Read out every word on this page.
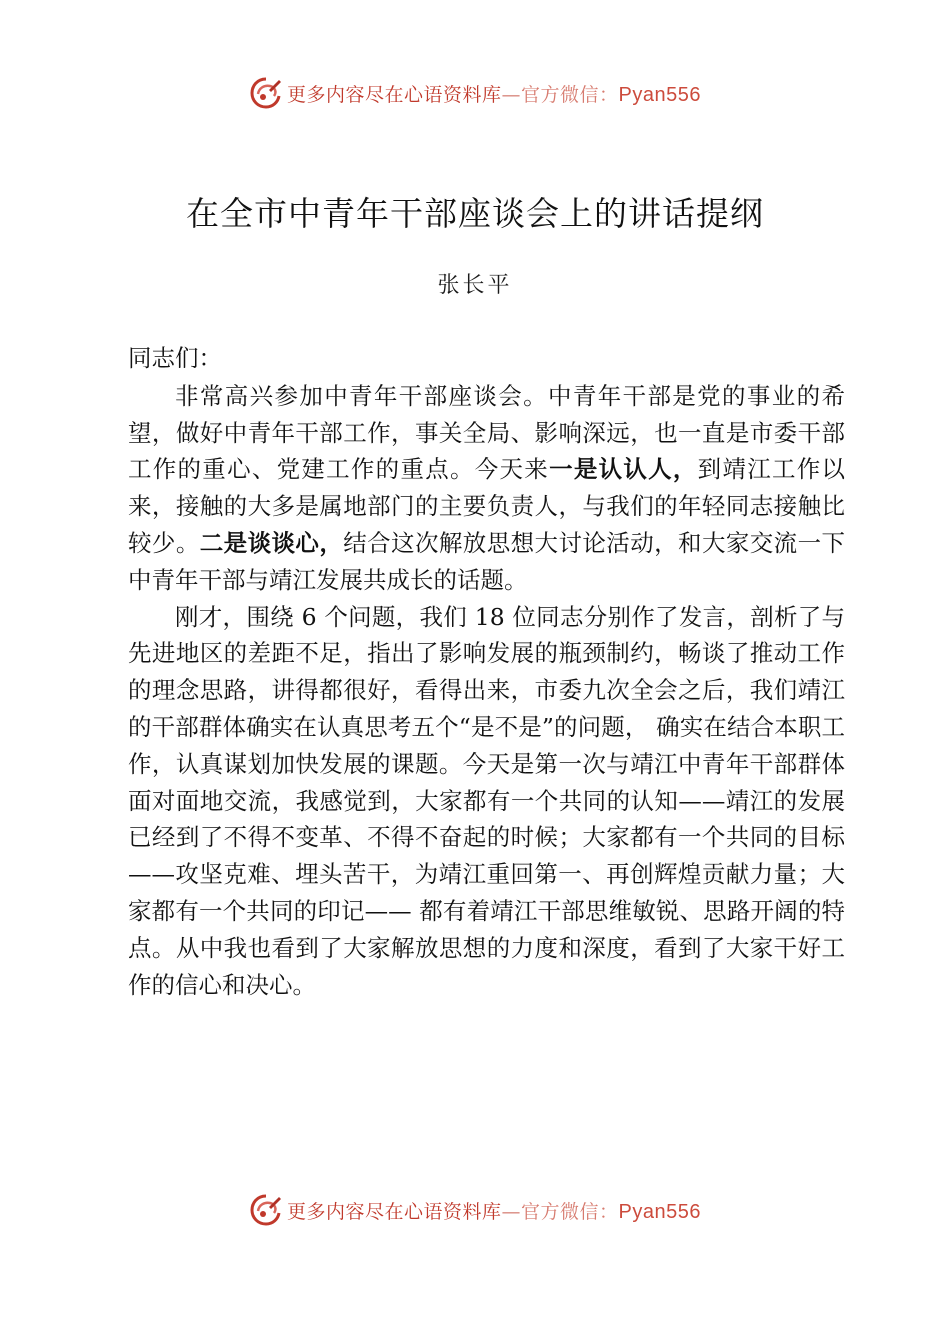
更多内容尽在心语资料库—官方微信：Pyan556
在全市中青年干部座谈会上的讲话提纲
张长平

同志们：

非常高兴参加中青年干部座谈会。中青年干部是党的事业的希望，做好中青年干部工作，事关全局、影响深远，也一直是市委干部工作的重心、党建工作的重点。今天来一是认认人，到靖江工作以来，接触的大多是属地部门的主要负责人，与我们的年轻同志接触比较少。二是谈谈心，结合这次解放思想大讨论活动，和大家交流一下中青年干部与靖江发展共成长的话题。

刚才，围绕 6 个问题，我们 18 位同志分别作了发言，剖析了与先进地区的差距不足，指出了影响发展的瓶颈制约，畅谈了推动工作的理念思路，讲得都很好，看得出来，市委九次全会之后，我们靖江的干部群体确实在认真思考五个“是不是”的问题， 确实在结合本职工作，认真谋划加快发展的课题。今天是第一次与靖江中青年干部群体面对面地交流，我感觉到，大家都有一个共同的认知——靖江的发展已经到了不得不变革、不得不奋起的时候；大家都有一个共同的目标——攻坚克难、埋头苦干，为靖江重回第一、再创辉煌贡献力量；大家都有一个共同的印记—— 都有着靖江干部思维敏锐、思路开阔的特点。从中我也看到了大家解放思想的力度和深度，看到了大家干好工作的信心和决心。

更多内容尽在心语资料库—官方微信：Pyan556
